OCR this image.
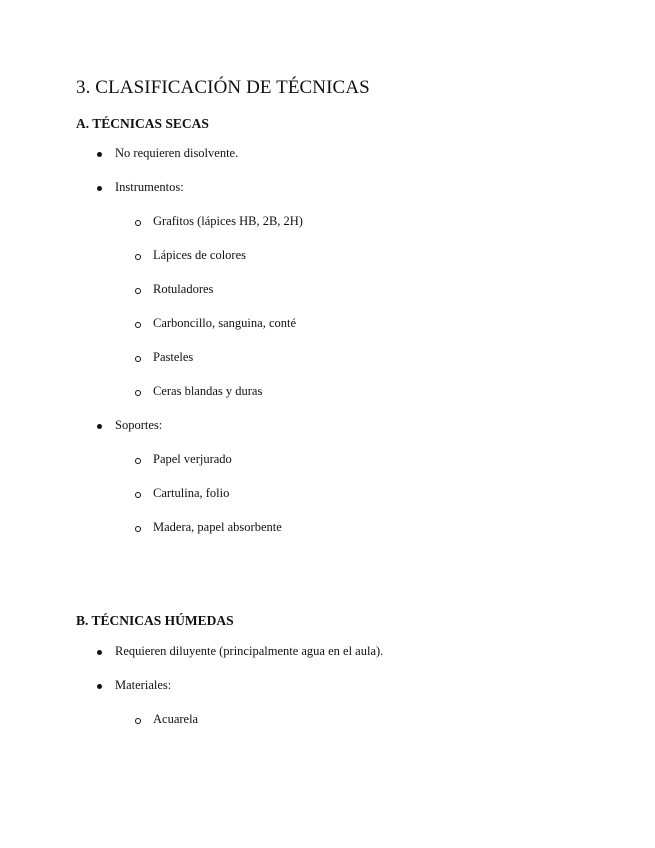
3. CLASIFICACIÓN DE TÉCNICAS
A. TÉCNICAS SECAS
No requieren disolvente.
Instrumentos:
Grafitos (lápices HB, 2B, 2H)
Lápices de colores
Rotuladores
Carboncillo, sanguina, conté
Pasteles
Ceras blandas y duras
Soportes:
Papel verjurado
Cartulina, folio
Madera, papel absorbente
B. TÉCNICAS HÚMEDAS
Requieren diluyente (principalmente agua en el aula).
Materiales:
Acuarela
